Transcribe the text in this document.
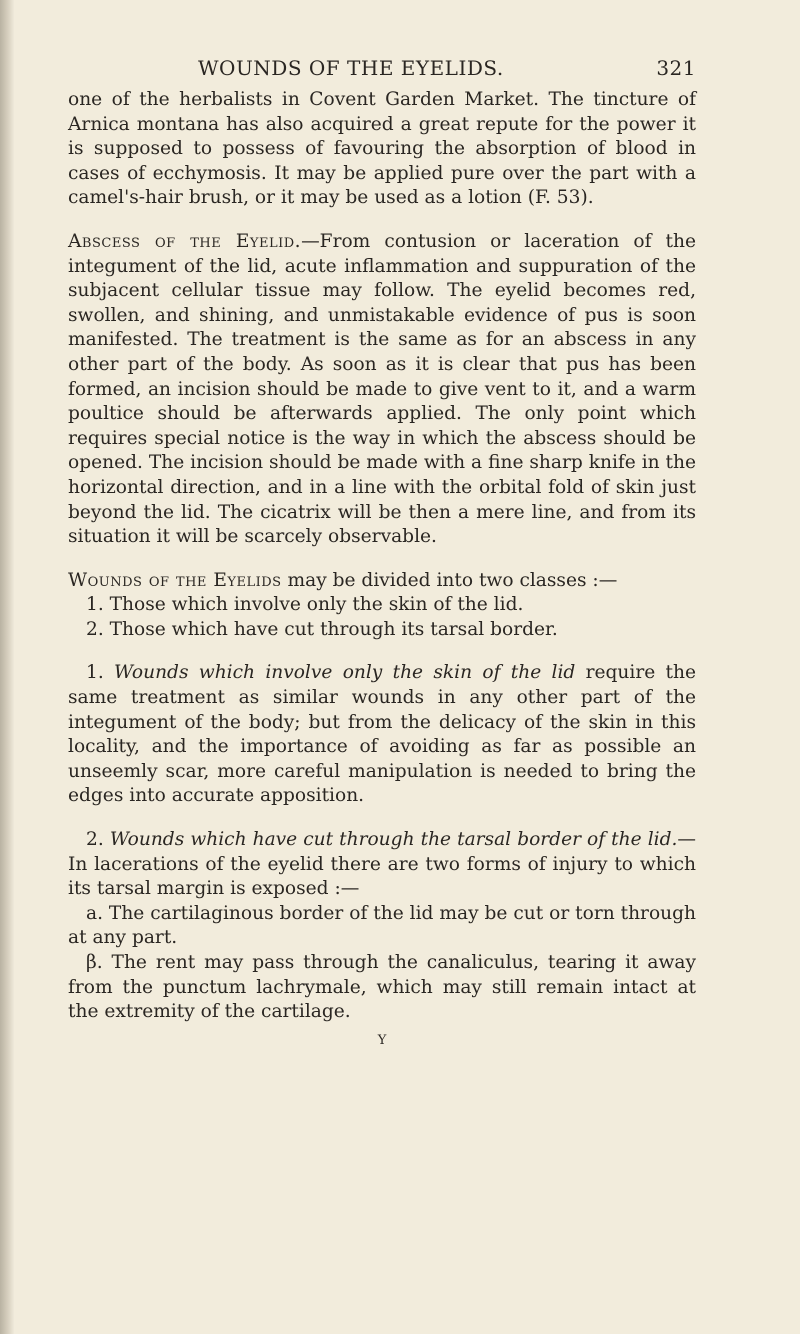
WOUNDS OF THE EYELIDS.	321

one of the herbalists in Covent Garden Market. The tincture of Arnica montana has also acquired a great repute for the power it is supposed to possess of favouring the absorption of blood in cases of ecchymosis. It may be applied pure over the part with a camel's-hair brush, or it may be used as a lotion (F. 53).

Abscess of the Eyelid.—From contusion or laceration of the integument of the lid, acute inflammation and suppuration of the subjacent cellular tissue may follow. The eyelid becomes red, swollen, and shining, and unmistakable evidence of pus is soon manifested. The treatment is the same as for an abscess in any other part of the body. As soon as it is clear that pus has been formed, an incision should be made to give vent to it, and a warm poultice should be afterwards applied. The only point which requires special notice is the way in which the abscess should be opened. The incision should be made with a fine sharp knife in the horizontal direction, and in a line with the orbital fold of skin just beyond the lid. The cicatrix will be then a mere line, and from its situation it will be scarcely observable.

Wounds of the Eyelids may be divided into two classes :—

1. Those which involve only the skin of the lid.

2. Those which have cut through its tarsal border.

1. Wounds which involve only the skin of the lid require the same treatment as similar wounds in any other part of the integument of the body; but from the delicacy of the skin in this locality, and the importance of avoiding as far as possible an unseemly scar, more careful manipulation is needed to bring the edges into accurate apposition.

2. Wounds which have cut through the tarsal border of the lid.—In lacerations of the eyelid there are two forms of injury to which its tarsal margin is exposed :—

a. The cartilaginous border of the lid may be cut or torn through at any part.

β. The rent may pass through the canaliculus, tearing it away from the punctum lachrymale, which may still remain intact at the extremity of the cartilage.

Y
